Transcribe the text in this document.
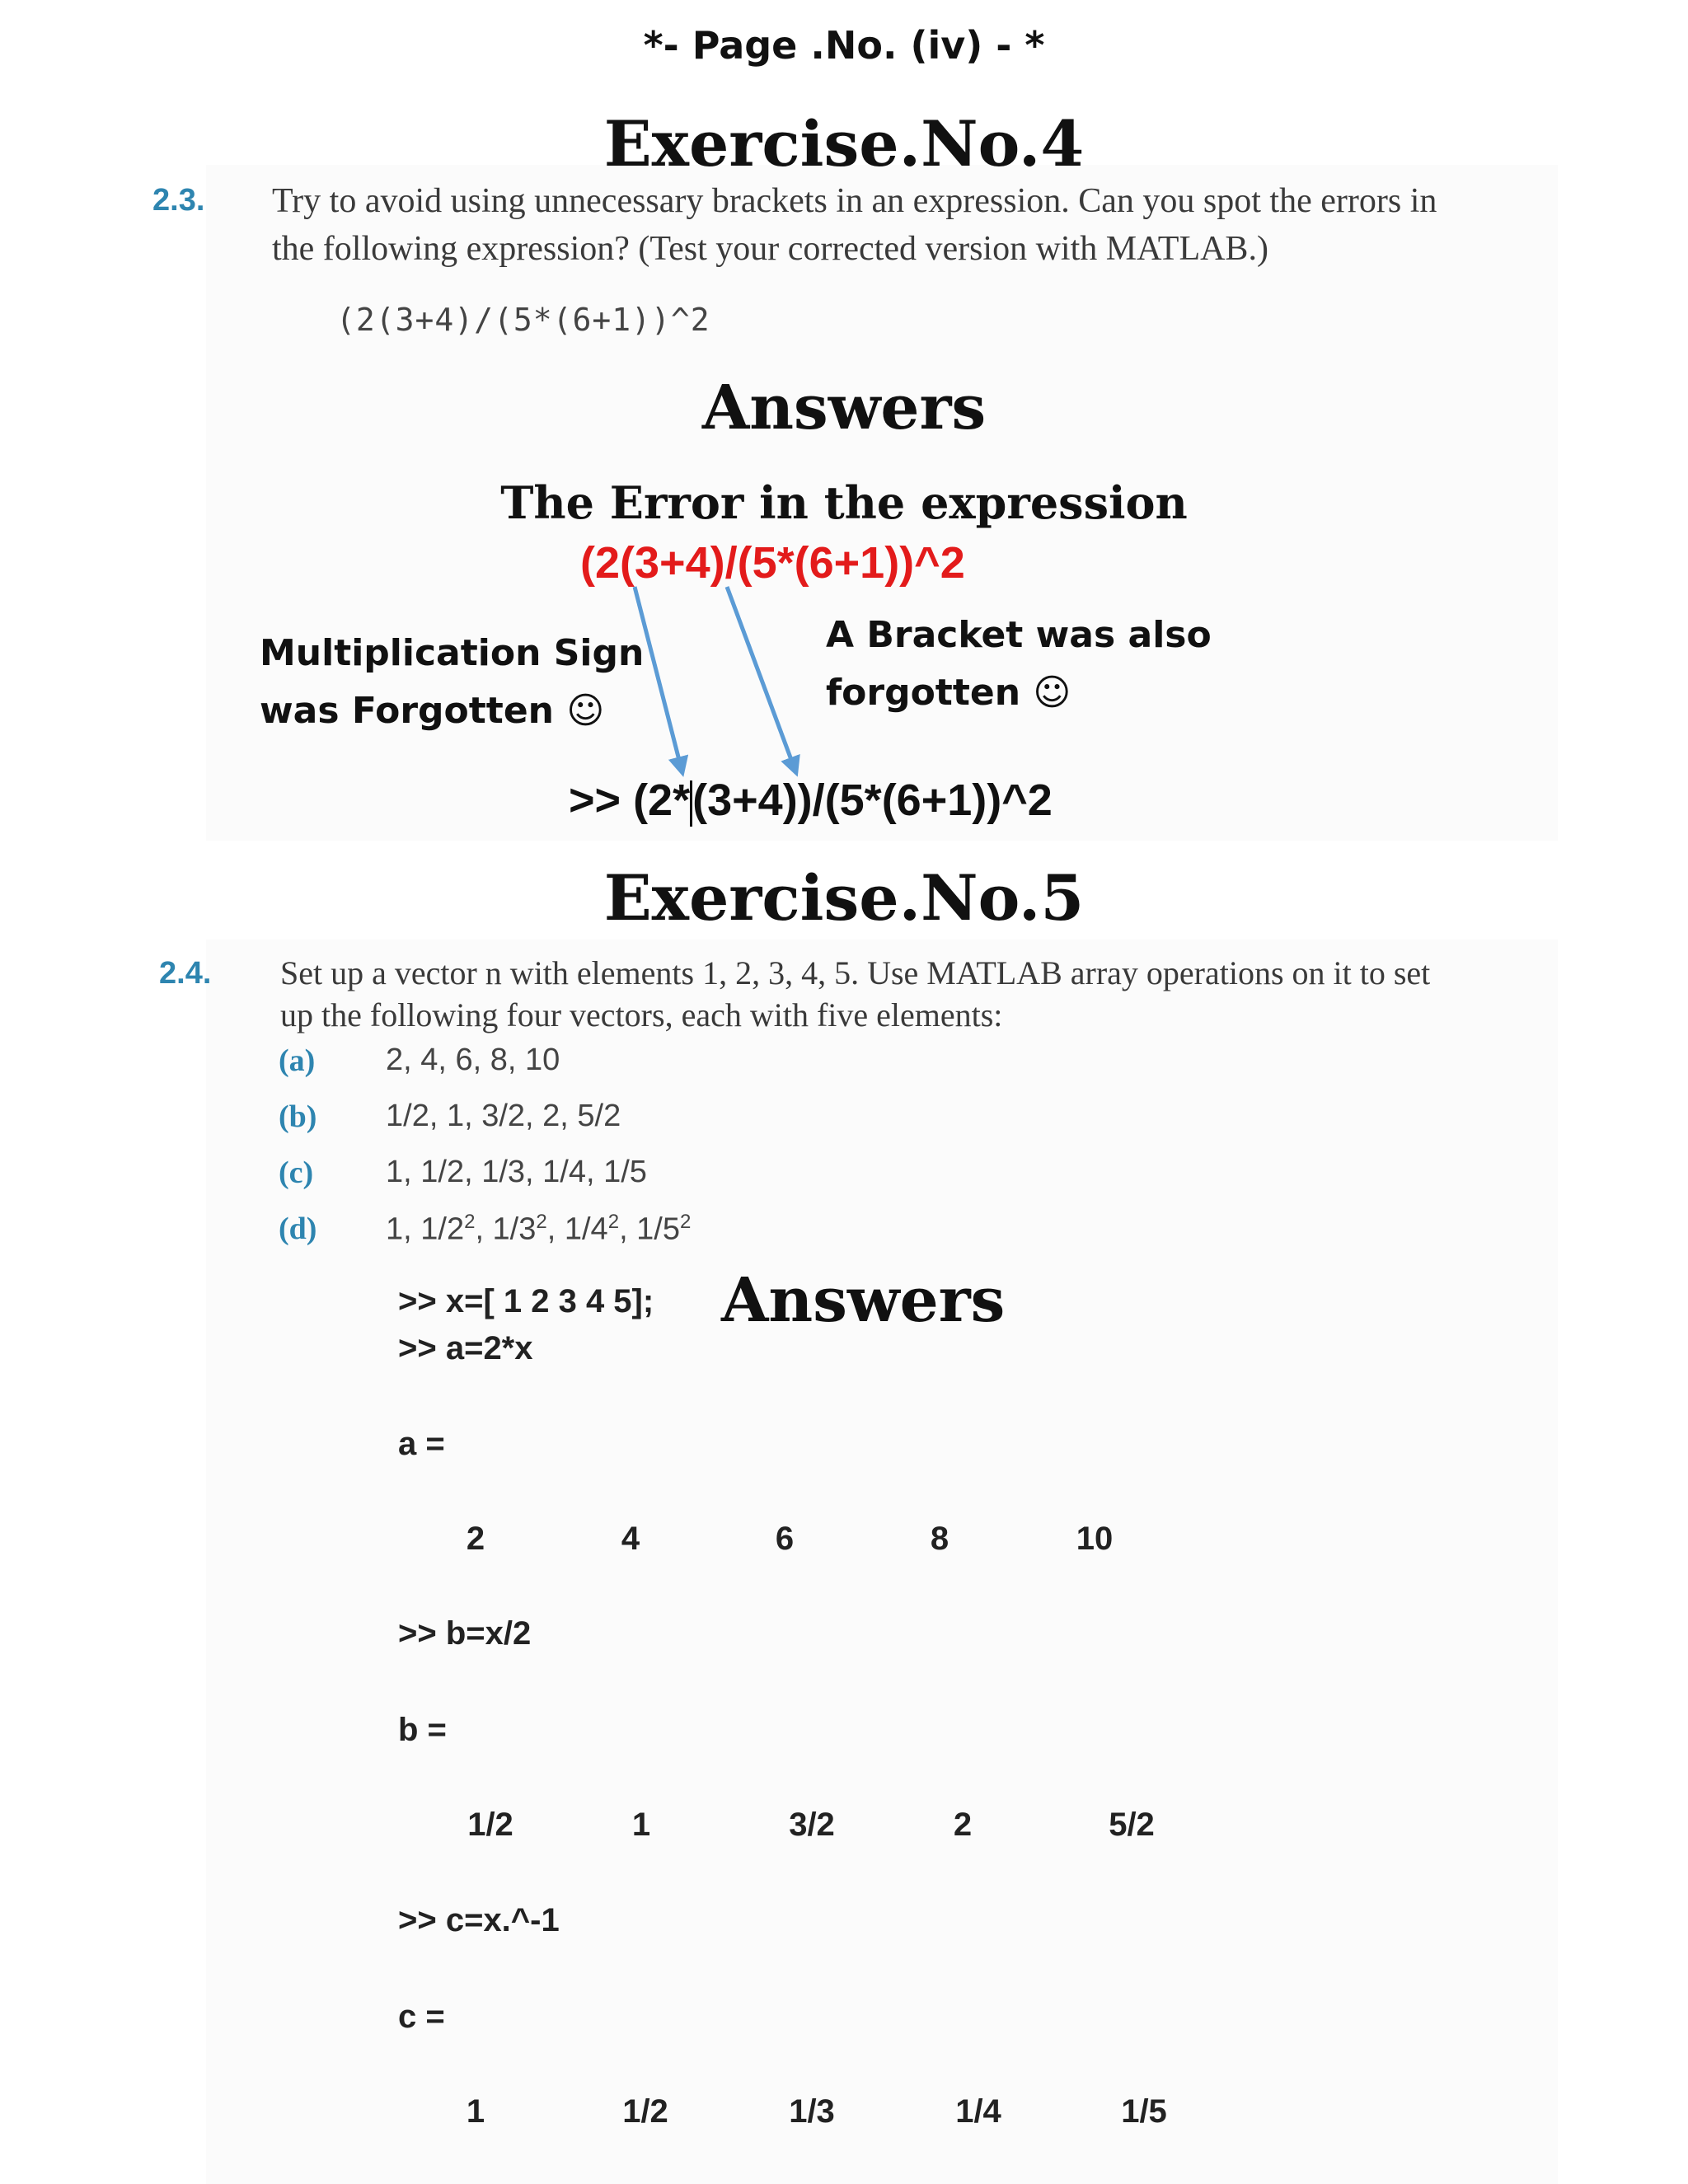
*- Page .No. (iv) - *
Exercise.No.4
2.3. Try to avoid using unnecessary brackets in an expression. Can you spot the errors in
the following expression? (Test your corrected version with MATLAB.)
(2(3+4)/(5*(6+1))^2
Answers
The Error in the expression
(2(3+4)/(5*(6+1))^2
Multiplication Sign
was Forgotten ☺
A Bracket was also
forgotten ☺
>> (2*(3+4))/(5*(6+1))^2
Exercise.No.5
2.4. Set up a vector n with elements 1, 2, 3, 4, 5. Use MATLAB array operations on it to set
up the following four vectors, each with five elements:
(a) 2, 4, 6, 8, 10
(b) 1/2, 1, 3/2, 2, 5/2
(c) 1, 1/2, 1/3, 1/4, 1/5
(d) 1, $1/2^2$, $1/3^2$, $1/4^2$, $1/5^2$
>> x=[ 1 2 3 4 5]; Answers
>> a=2*x
a =
2	4	6	8	10
>> b=x/2
b =
1/2	1	3/2	2	5/2
>> c=x.^-1
c =
1	1/2	1/3	1/4	1/5
